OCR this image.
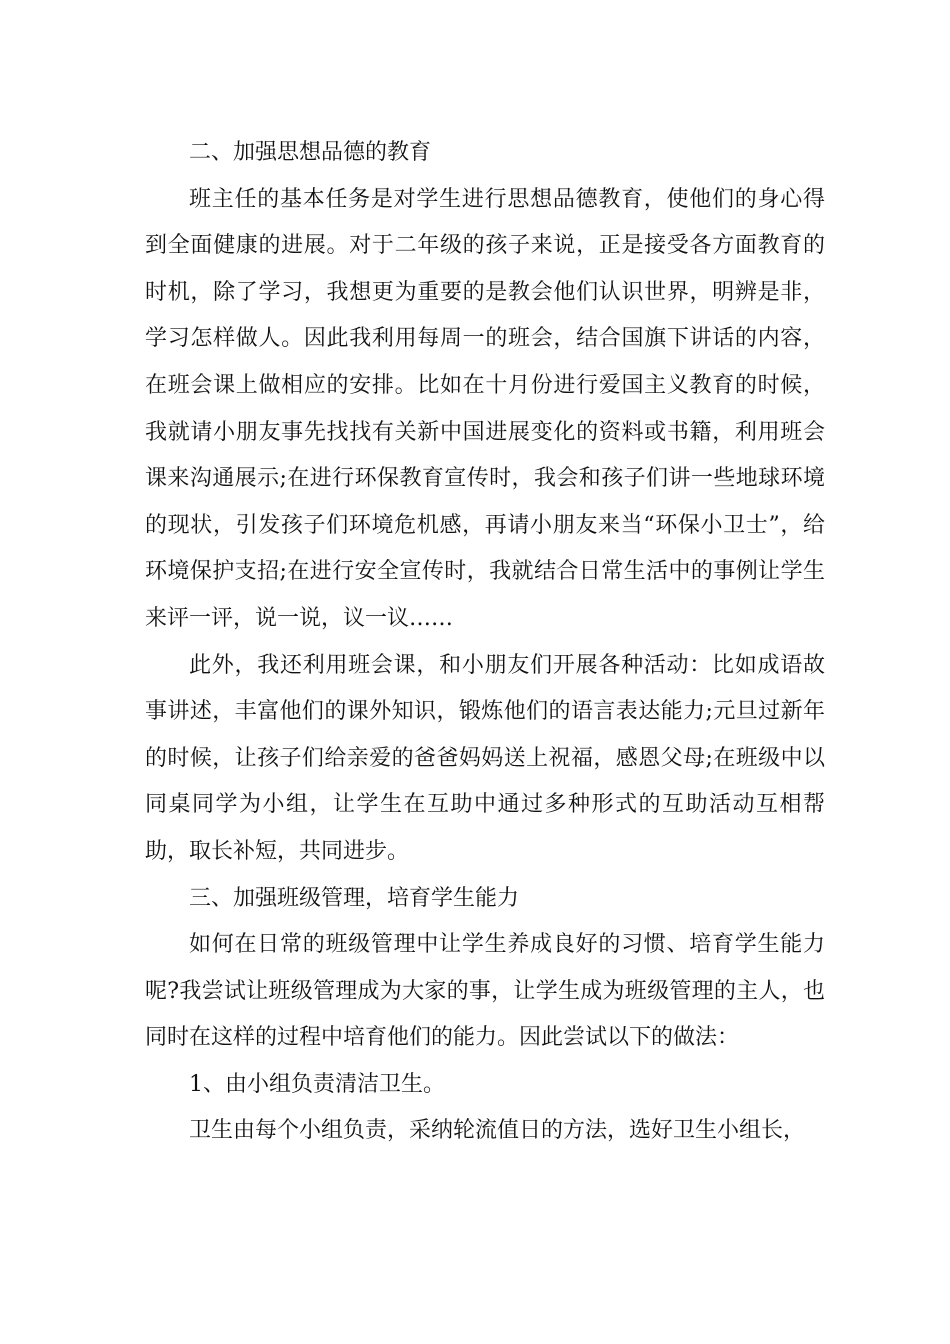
二、加强思想品德的教育

班主任的基本任务是对学生进行思想品德教育，使他们的身心得到全面健康的进展。对于二年级的孩子来说，正是接受各方面教育的时机，除了学习，我想更为重要的是教会他们认识世界，明辨是非，学习怎样做人。因此我利用每周一的班会，结合国旗下讲话的内容，在班会课上做相应的安排。比如在十月份进行爱国主义教育的时候，我就请小朋友事先找找有关新中国进展变化的资料或书籍，利用班会课来沟通展示;在进行环保教育宣传时，我会和孩子们讲一些地球环境的现状，引发孩子们环境危机感，再请小朋友来当“环保小卫士”，给环境保护支招;在进行安全宣传时，我就结合日常生活中的事例让学生来评一评，说一说，议一议……

此外，我还利用班会课，和小朋友们开展各种活动：比如成语故事讲述，丰富他们的课外知识，锻炼他们的语言表达能力;元旦过新年的时候，让孩子们给亲爱的爸爸妈妈送上祝福，感恩父母;在班级中以同桌同学为小组，让学生在互助中通过多种形式的互助活动互相帮助，取长补短，共同进步。

三、加强班级管理，培育学生能力

如何在日常的班级管理中让学生养成良好的习惯、培育学生能力呢?我尝试让班级管理成为大家的事，让学生成为班级管理的主人，也同时在这样的过程中培育他们的能力。因此尝试以下的做法：

1、由小组负责清洁卫生。

卫生由每个小组负责，采纳轮流值日的方法，选好卫生小组长，
